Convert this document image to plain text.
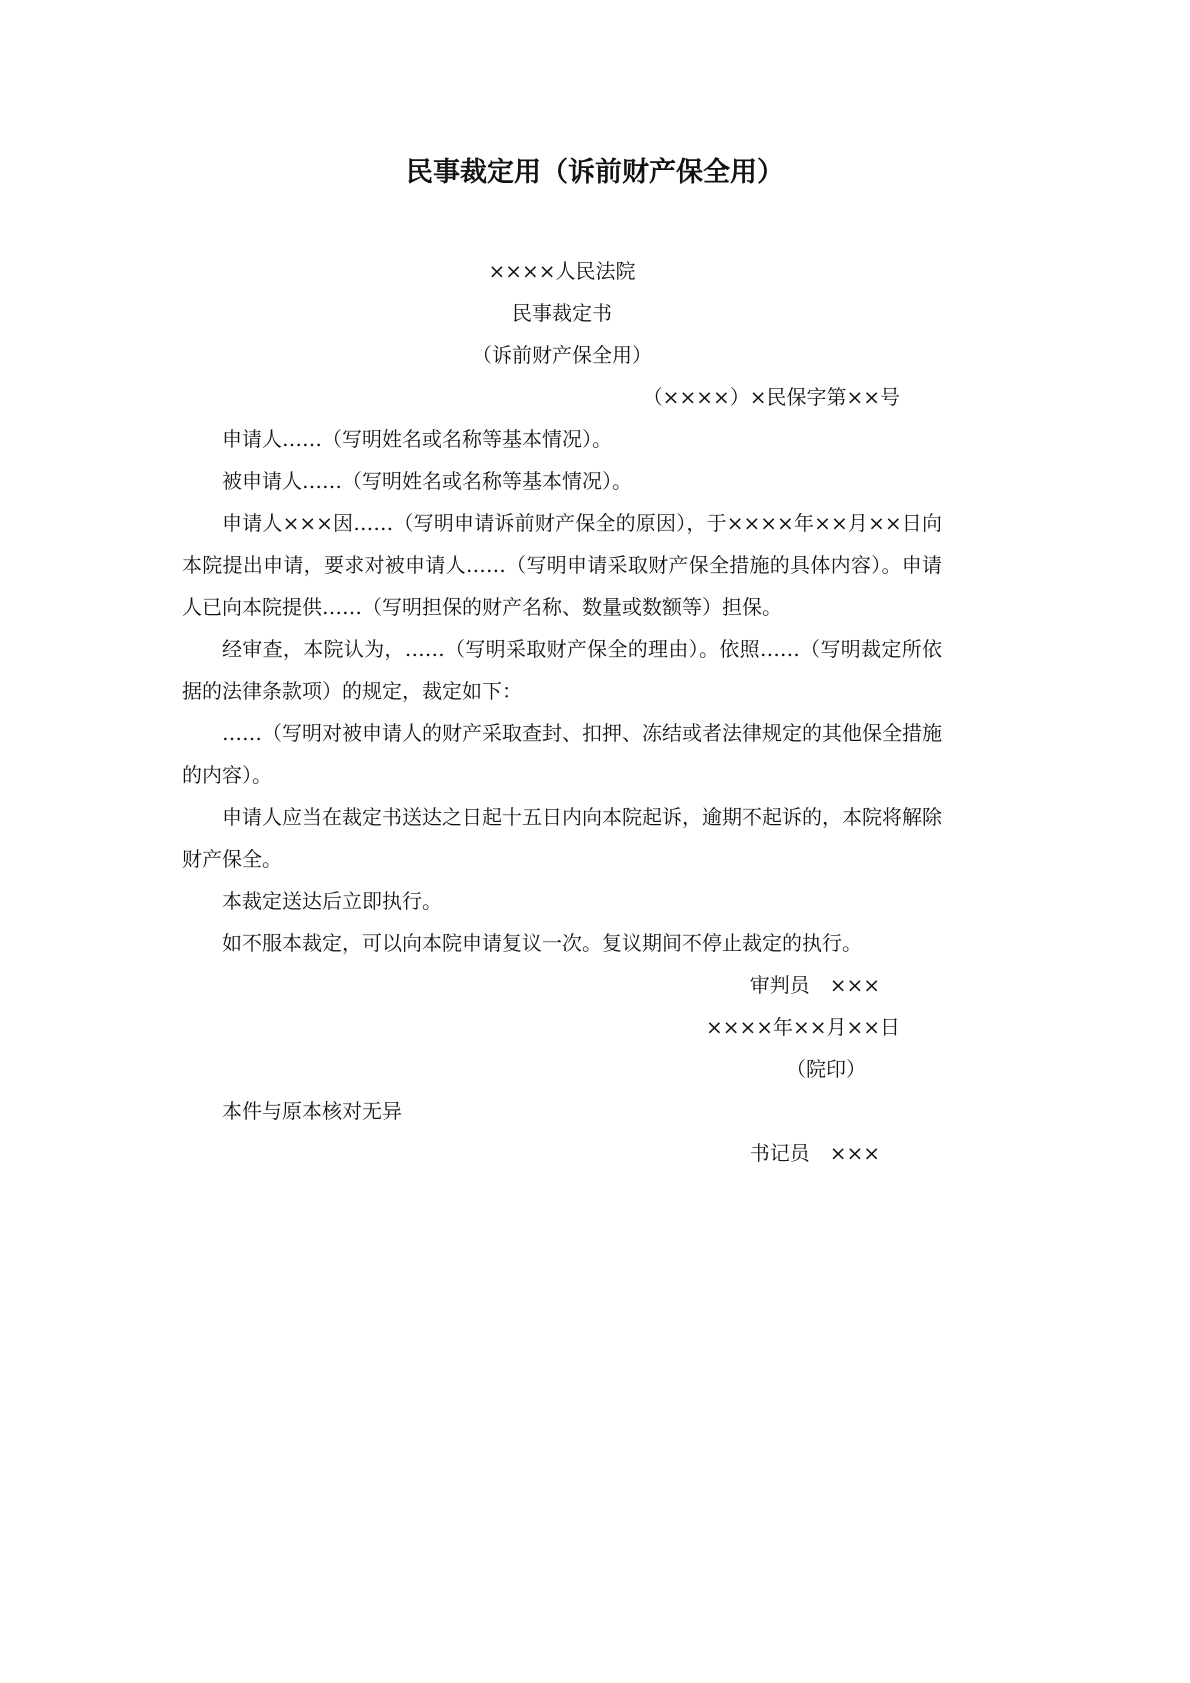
民事裁定用（诉前财产保全用）
××××人民法院
民事裁定书
（诉前财产保全用）
（××××）×民保字第××号

申请人……（写明姓名或名称等基本情况）。

被申请人……（写明姓名或名称等基本情况）。

申请人×××因……（写明申请诉前财产保全的原因），于××××年××月××日向本院提出申请，要求对被申请人……（写明申请采取财产保全措施的具体内容）。申请人已向本院提供……（写明担保的财产名称、数量或数额等）担保。

经审查，本院认为，……（写明采取财产保全的理由）。依照……（写明裁定所依据的法律条款项）的规定，裁定如下：

……（写明对被申请人的财产采取查封、扣押、冻结或者法律规定的其他保全措施的内容）。

申请人应当在裁定书送达之日起十五日内向本院起诉，逾期不起诉的，本院将解除财产保全。

本裁定送达后立即执行。

如不服本裁定，可以向本院申请复议一次。复议期间不停止裁定的执行。

审判员　×××
××××年××月××日
（院印）

本件与原本核对无异

书记员　×××
